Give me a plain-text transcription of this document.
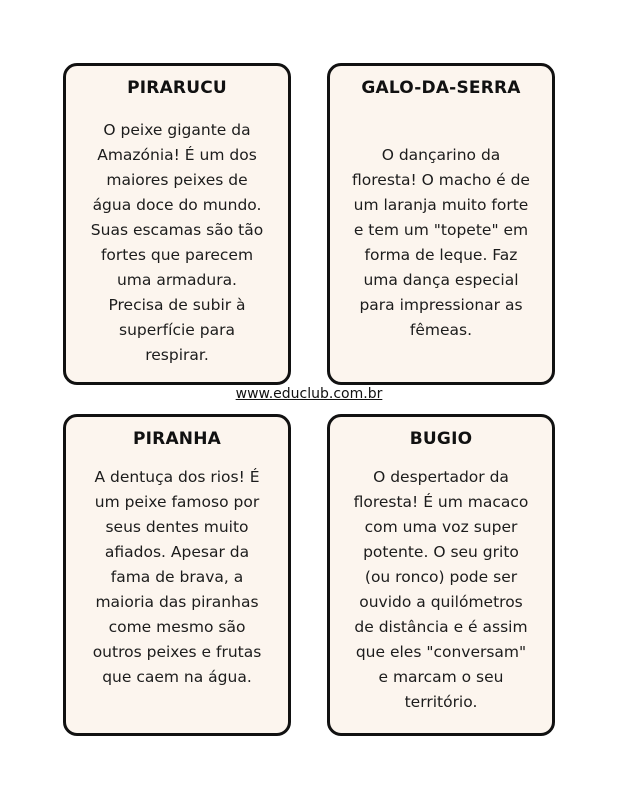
PIRARUCU
O peixe gigante da
Amazónia! É um dos
maiores peixes de
água doce do mundo.
Suas escamas são tão
fortes que parecem
uma armadura.
Precisa de subir à
superfície para
respirar.
GALO-DA-SERRA
O dançarino da
floresta! O macho é de
um laranja muito forte
e tem um "topete" em
forma de leque. Faz
uma dança especial
para impressionar as
fêmeas.
www.educlub.com.br
PIRANHA
A dentuça dos rios! É
um peixe famoso por
seus dentes muito
afiados. Apesar da
fama de brava, a
maioria das piranhas
come mesmo são
outros peixes e frutas
que caem na água.
BUGIO
O despertador da
floresta! É um macaco
com uma voz super
potente. O seu grito
(ou ronco) pode ser
ouvido a quilómetros
de distância e é assim
que eles "conversam"
e marcam o seu
território.
